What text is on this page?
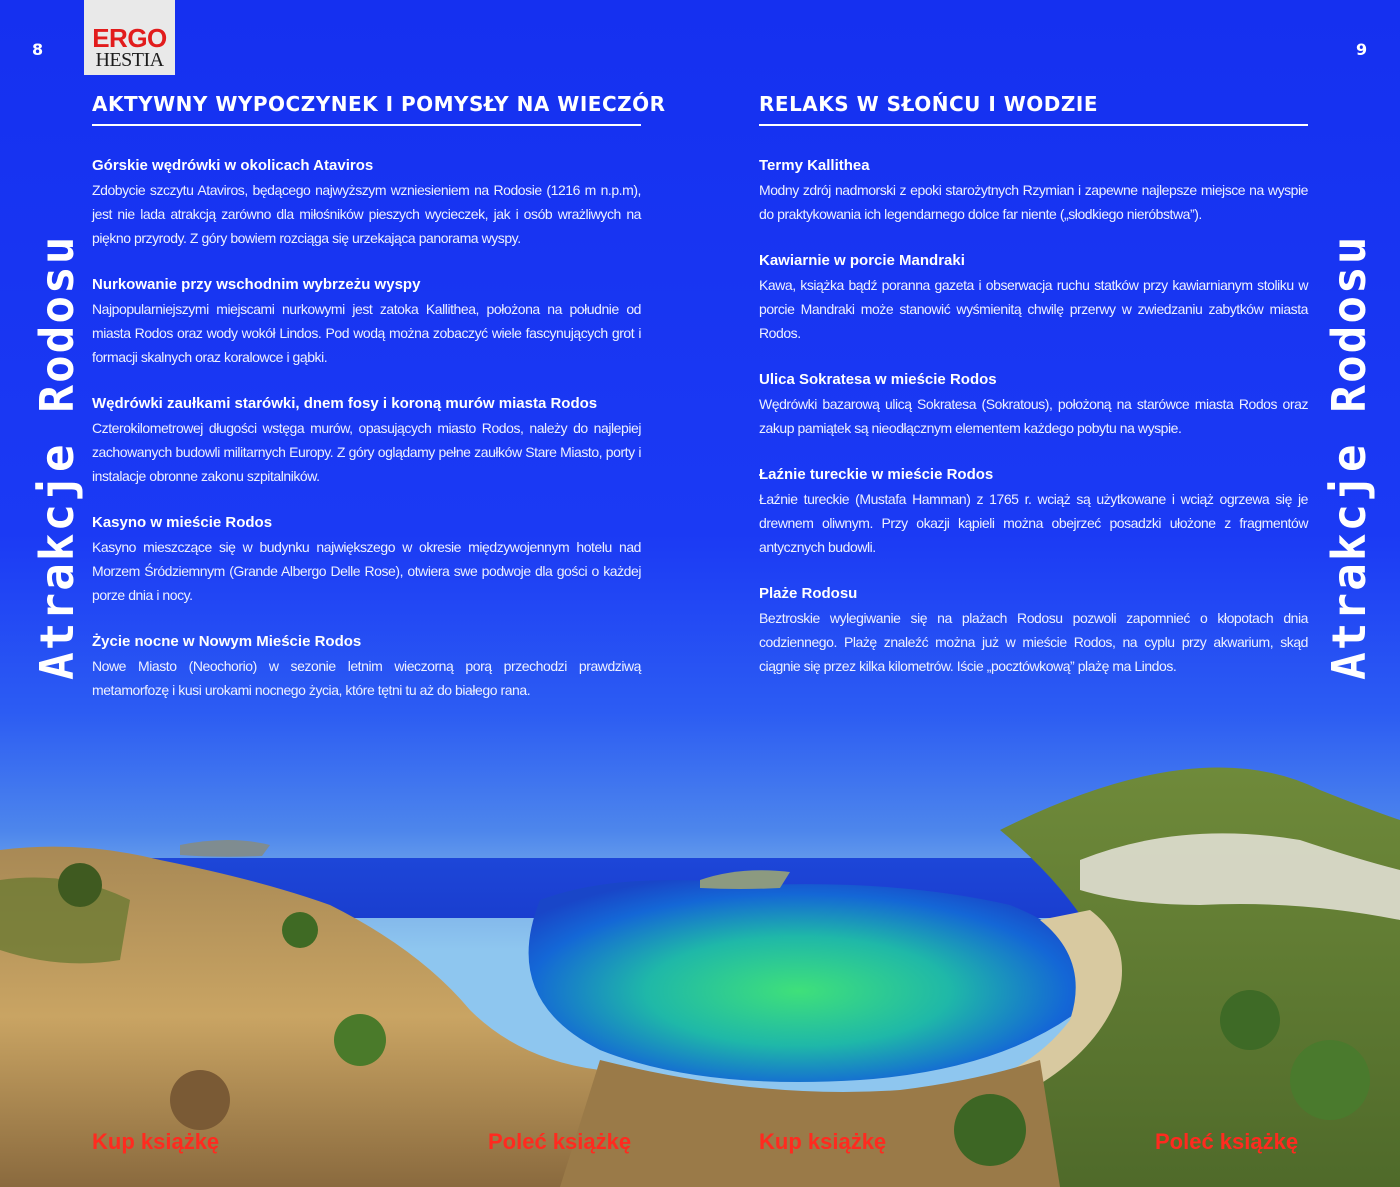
8	9
ERGO
HESTIA
Atrakcje Rodosu	Atrakcje Rodosu
AKTYWNY WYPOCZYNEK I POMYSŁY NA WIECZÓR
Górskie wędrówki w okolicach Ataviros
Zdobycie szczytu Ataviros, będącego najwyższym wzniesieniem na Rodosie (1216 m n.p.m), jest nie lada atrakcją zarówno dla miłośników pieszych wycieczek, jak i osób wrażliwych na piękno przyrody. Z góry bowiem rozciąga się urzekająca panorama wyspy.
Nurkowanie przy wschodnim wybrzeżu wyspy
Najpopularniejszymi miejscami nurkowymi jest zatoka Kallithea, położona na południe od miasta Rodos oraz wody wokół Lindos. Pod wodą można zobaczyć wiele fascynujących grot i formacji skalnych oraz koralowce i gąbki.
Wędrówki zaułkami starówki, dnem fosy i koroną murów miasta Rodos
Czterokilometrowej długości wstęga murów, opasujących miasto Rodos, należy do najlepiej zachowanych budowli militarnych Europy. Z góry oglądamy pełne zaułków Stare Miasto, porty i instalacje obronne zakonu szpitalników.
Kasyno w mieście Rodos
Kasyno mieszczące się w budynku największego w okresie międzywojennym hotelu nad Morzem Śródziemnym (Grande Albergo Delle Rose), otwiera swe podwoje dla gości o każdej porze dnia i nocy.
Życie nocne w Nowym Mieście Rodos
Nowe Miasto (Neochorio) w sezonie letnim wieczorną porą przechodzi prawdziwą metamorfozę i kusi urokami nocnego życia, które tętni tu aż do białego rana.
RELAKS W SŁOŃCU I WODZIE
Termy Kallithea
Modny zdrój nadmorski z epoki starożytnych Rzymian i zapewne najlepsze miejsce na wyspie do praktykowania ich legendarnego dolce far niente („słodkiego nieróbstwa”).
Kawiarnie w porcie Mandraki
Kawa, książka bądź poranna gazeta i obserwacja ruchu statków przy kawiarnianym stoliku w porcie Mandraki może stanowić wyśmienitą chwilę przerwy w zwiedzaniu zabytków miasta Rodos.
Ulica Sokratesa w mieście Rodos
Wędrówki bazarową ulicą Sokratesa (Sokratous), położoną na starówce miasta Rodos oraz zakup pamiątek są nieodłącznym elementem każdego pobytu na wyspie.
Łaźnie tureckie w mieście Rodos
Łaźnie tureckie (Mustafa Hamman) z 1765 r. wciąż są użytkowane i wciąż ogrzewa się je drewnem oliwnym. Przy okazji kąpieli można obejrzeć posadzki ułożone z fragmentów antycznych budowli.
Plaże Rodosu
Beztroskie wylegiwanie się na plażach Rodosu pozwoli zapomnieć o kłopotach dnia codziennego. Plażę znaleźć można już w mieście Rodos, na cyplu przy akwarium, skąd ciągnie się przez kilka kilometrów. Iście „pocztówkową” plażę ma Lindos.
Kup książkę	Poleć książkę	Kup książkę	Poleć książkę
